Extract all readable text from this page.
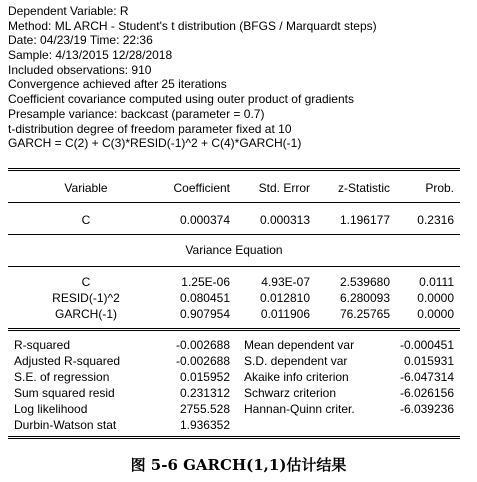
Dependent Variable: R
Method: ML ARCH - Student's t distribution (BFGS / Marquardt steps)
Date: 04/23/19 Time: 22:36
Sample: 4/13/2015 12/28/2018
Included observations: 910
Convergence achieved after 25 iterations
Coefficient covariance computed using outer product of gradients
Presample variance: backcast (parameter = 0.7)
t-distribution degree of freedom parameter fixed at 10
GARCH = C(2) + C(3)*RESID(-1)^2 + C(4)*GARCH(-1)
Variable	Coefficient	Std. Error	z-Statistic	Prob.
C	0.000374	0.000313	1.196177	0.2316
Variance Equation
C	1.25E-06	4.93E-07	2.539680	0.0111
RESID(-1)^2	0.080451	0.012810	6.280093	0.0000
GARCH(-1)	0.907954	0.011906	76.25765	0.0000
R-squared	-0.002688 Mean dependent var	-0.000451
Adjusted R-squared	-0.002688 S.D. dependent var	0.015931
S.E. of regression	0.015952 Akaike info criterion	-6.047314
Sum squared resid	0.231312 Schwarz criterion	-6.026156
Log likelihood	2755.528 Hannan-Quinn criter.	-6.039236
Durbin-Watson stat	1.936352
图 5-6 GARCH(1,1)估计结果
